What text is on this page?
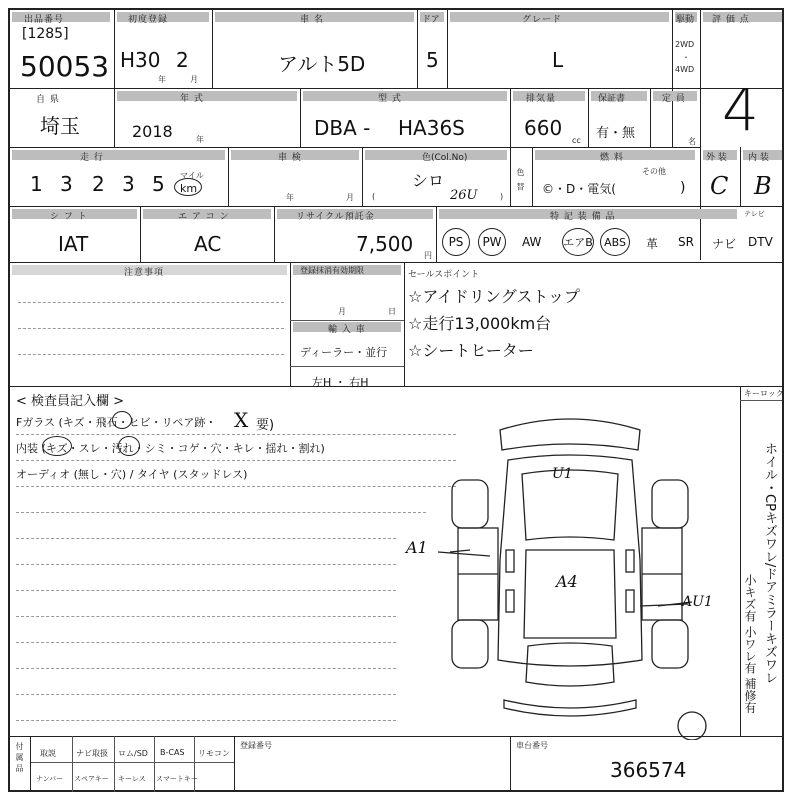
出品番号
[1285]
50053
初度登録
H30 2
年	月
車 名
アルト5D
ドア
5
グレード
L
駆動
2WD
・
4WD
評 価 点
4
自 県
埼玉
年 式
2018	年
型 式
DBA - HA36S
排気量
660
cc
保証書
有・無
定 員
名
走 行
1 3 2 3 5 マイル
km
車 検
年	月
色(Col.No)
シロ
26U
(	)
色 替
燃 料
©・D・電気(	)
その他
外 装
C
内 装
B
シ フ ト
IAT
エ ア コ ン
AC
リサイクル預託金
7,500 円
特 記 装 備 品	テレビ
PS PW AW エアB ABS 革 SR ナビ DTV
注意事項	登録抹消有効期限
月	日
輸 入 車
ディーラー・並行
左H ・ 右H
セールスポイント
☆アイドリングストップ
☆走行13,000km台
☆シートヒーター
キーロック
< 検査員記入欄 >
Fガラス (キズ・飛石・ヒビ・リペア跡・ X 要)
内装 (キズ・スレ・汚れ・シミ・コゲ・穴・キレ・揺れ・割れ)
オーディオ (無し・穴) / タイヤ (スタッドレス)	U1
A1
A4
AU1	ホイル・CPキズワレ/ドアミラーキズワレ
小キズ有 小ワレ有 補修有
付属品 取説	ナビ取扱 ロム/SD B-CAS リモコン
ナンバー スペアキー キーレス スマートキー
登録番号	車台番号
366574
